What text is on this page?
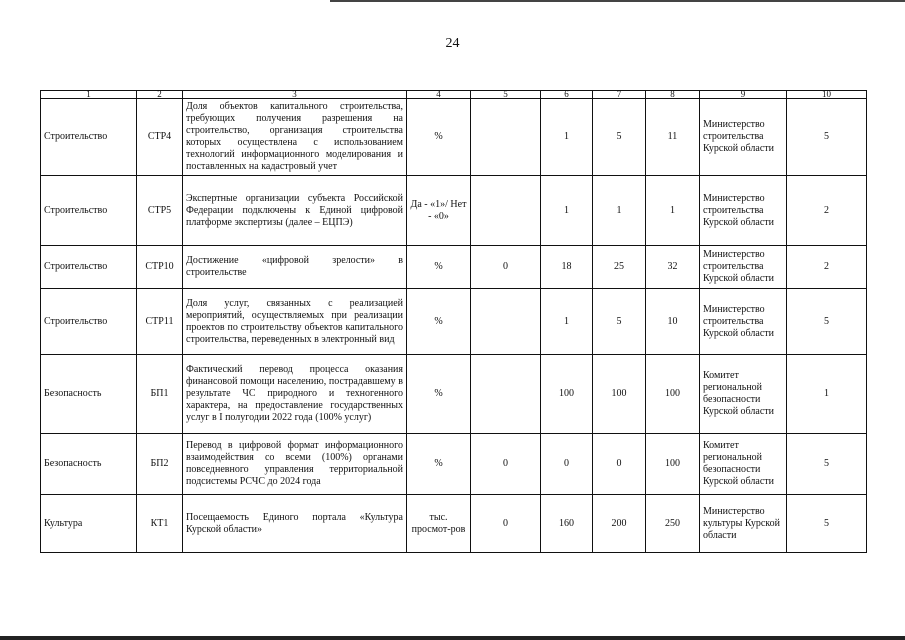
24
1	2	3	4	5	6	7	8	9	10
Строительство	СТР4	Доля объектов капитального строительства, требующих получения разрешения на строительство, организация строительства которых осуществлена с использованием технологий информационного моделирования и поставленных на кадастровый учет	%		1	5	11	Министерство строительства Курской области	5
Строительство	СТР5	Экспертные организации субъекта Российской Федерации подключены к Единой цифровой платформе экспертизы (далее – ЕЦПЭ)	Да - «1»/ Нет - «0»		1	1	1	Министерство строительства Курской области	2
Строительство	СТР10	Достижение «цифровой зрелости» в строительстве	%	0	18	25	32	Министерство строительства Курской области	2
Строительство	СТР11	Доля услуг, связанных с реализацией мероприятий, осуществляемых при реализации проектов по строительству объектов капитального строительства, переведенных в электронный вид	%		1	5	10	Министерство строительства Курской области	5
Безопасность	БП1	Фактический перевод процесса оказания финансовой помощи населению, пострадавшему в результате ЧС природного и техногенного характера, на предоставление государственных услуг в I полугодии 2022 года (100% услуг)	%		100	100	100	Комитет региональной безопасности Курской области	1
Безопасность	БП2	Перевод в цифровой формат информационного взаимодействия со всеми (100%) органами повседневного управления территориальной подсистемы РСЧС до 2024 года	%	0	0	0	100	Комитет региональной безопасности Курской области	5
Культура	КТ1	Посещаемость Единого портала «Культура Курской области»	тыс. просмот-ров	0	160	200	250	Министерство культуры Курской области	5
